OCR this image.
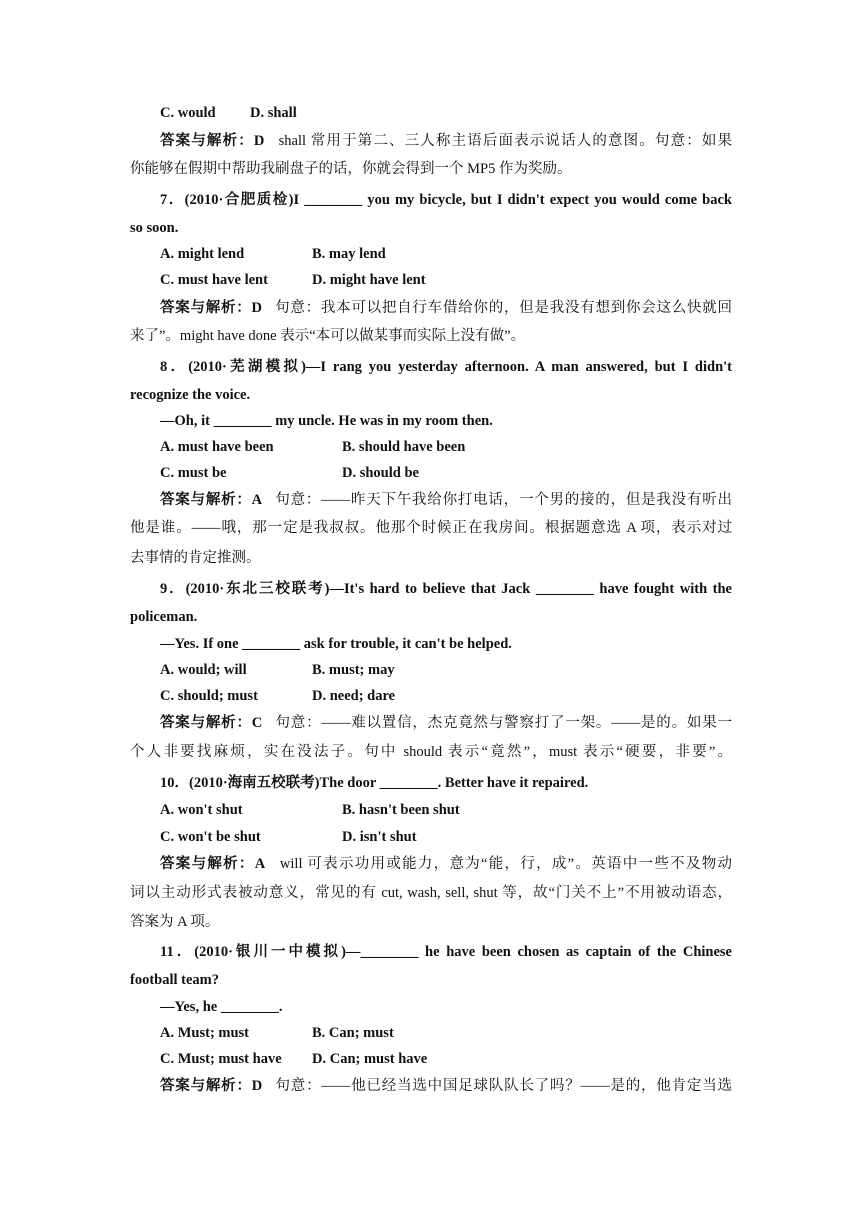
C. would D. shall
答案与解析：D shall 常用于第二、三人称主语后面表示说话人的意图。句意：如果
你能够在假期中帮助我刷盘子的话，你就会得到一个 MP5 作为奖励。
7．(2010·合肥质检)I ________ you my bicycle, but I didn't expect you would come back
so soon.
A. might lend	B. may lend
C. must have lent	D. might have lent
答案与解析：D 句意：我本可以把自行车借给你的，但是我没有想到你会这么快就回
来了”。might have done 表示“本可以做某事而实际上没有做”。
8．(2010·芜湖模拟)—I rang you yesterday afternoon. A man answered, but I didn't
recognize the voice.
—Oh, it ________ my uncle. He was in my room then.
A. must have been	B. should have been
C. must be	D. should be
答案与解析：A 句意：——昨天下午我给你打电话，一个男的接的，但是我没有听出
他是谁。——哦，那一定是我叔叔。他那个时候正在我房间。根据题意选 A 项，表示对过
去事情的肯定推测。
9．(2010·东北三校联考)—It's hard to believe that Jack ________ have fought with the
policeman.
—Yes. If one ________ ask for trouble, it can't be helped.
A. would; will	B. must; may
C. should; must	D. need; dare
答案与解析：C 句意：——难以置信，杰克竟然与警察打了一架。——是的。如果一
个人非要找麻烦，实在没法子。句中 should 表示“竟然”，must 表示“硬要，非要”。
10．(2010·海南五校联考)The door ________. Better have it repaired.
A. won't shut	B. hasn't been shut
C. won't be shut	D. isn't shut
答案与解析：A will 可表示功用或能力，意为“能，行，成”。英语中一些不及物动
词以主动形式表被动意义，常见的有 cut, wash, sell, shut 等，故“门关不上”不用被动语态，
答案为 A 项。
11．(2010·银川一中模拟)—________ he have been chosen as captain of the Chinese
football team?
—Yes, he ________.
A. Must; must	B. Can; must
C. Must; must have D. Can; must have
答案与解析：D 句意：——他已经当选中国足球队队长了吗？——是的，他肯定当选
